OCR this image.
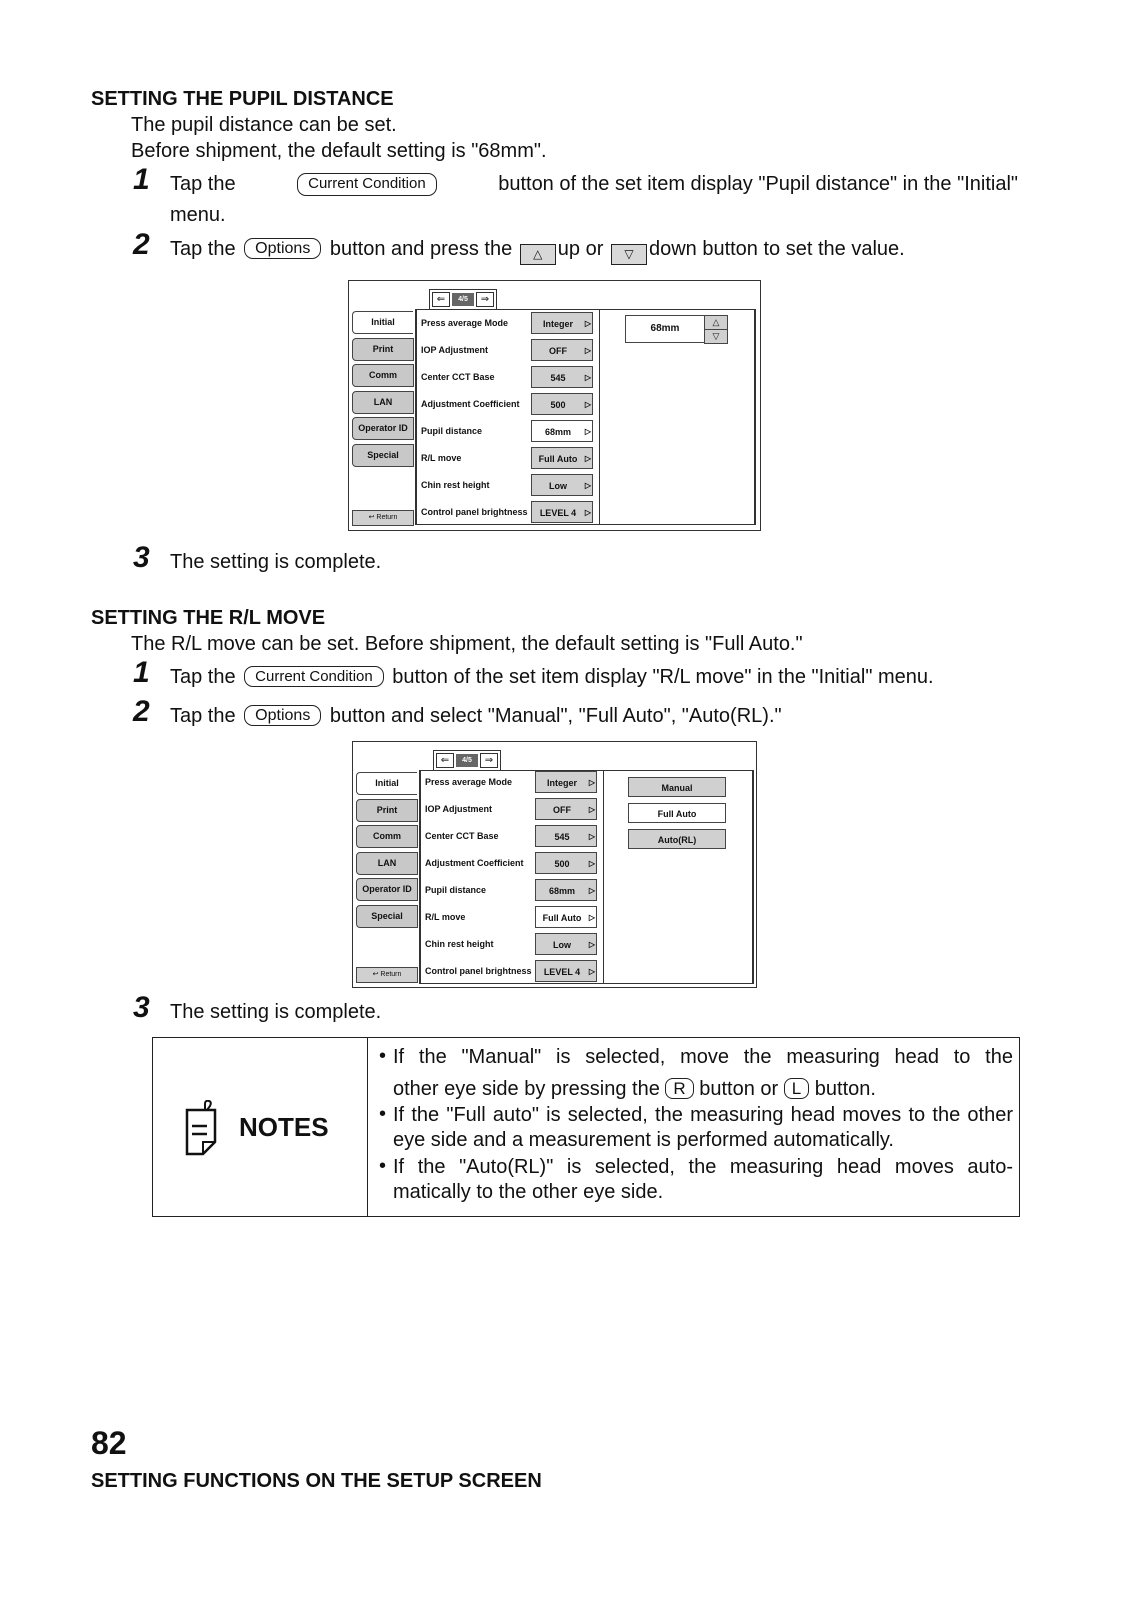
SETTING THE PUPIL DISTANCE
The pupil distance can be set.
Before shipment, the default setting is "68mm".
1 Tap the	Current Condition	button of the set item display "Pupil distance" in the "Initial"
menu.
2 Tap the Options button and press the △ up or ▽ down button to set the value.
⇐	4/5	⇒
Initial
Print
Comm
LAN
Operator ID
Special
↩ Return
Press average Mode	Integer ▷
IOP Adjustment	OFF ▷
Center CCT Base	545 ▷
Adjustment Coefficient	500 ▷
Pupil distance	68mm ▷
R/L move	Full Auto ▷
Chin rest height	Low ▷
Control panel brightness	LEVEL 4 ▷
68mm
△
▽
3 The setting is complete.
SETTING THE R/L MOVE
The R/L move can be set. Before shipment, the default setting is "Full Auto."
1 Tap the Current Condition button of the set item display "R/L move" in the "Initial" menu.
2 Tap the Options button and select "Manual", "Full Auto", "Auto(RL)."
⇐	4/5	⇒
Initial
Print
Comm
LAN
Operator ID
Special
↩ Return
Press average Mode	Integer ▷
IOP Adjustment	OFF ▷
Center CCT Base	545 ▷
Adjustment Coefficient	500 ▷
Pupil distance	68mm ▷
R/L move	Full Auto ▷
Chin rest height	Low ▷
Control panel brightness	LEVEL 4 ▷
Manual
Full Auto
Auto(RL)
3 The setting is complete.
NOTES
• If the "Manual" is selected, move the measuring head to the
other eye side by pressing the R button or L button.
• If the "Full auto" is selected, the measuring head moves to the other eye side and a measurement is performed automatically.
• If the "Auto(RL)" is selected, the measuring head moves auto-matically to the other eye side.
82
SETTING FUNCTIONS ON THE SETUP SCREEN
